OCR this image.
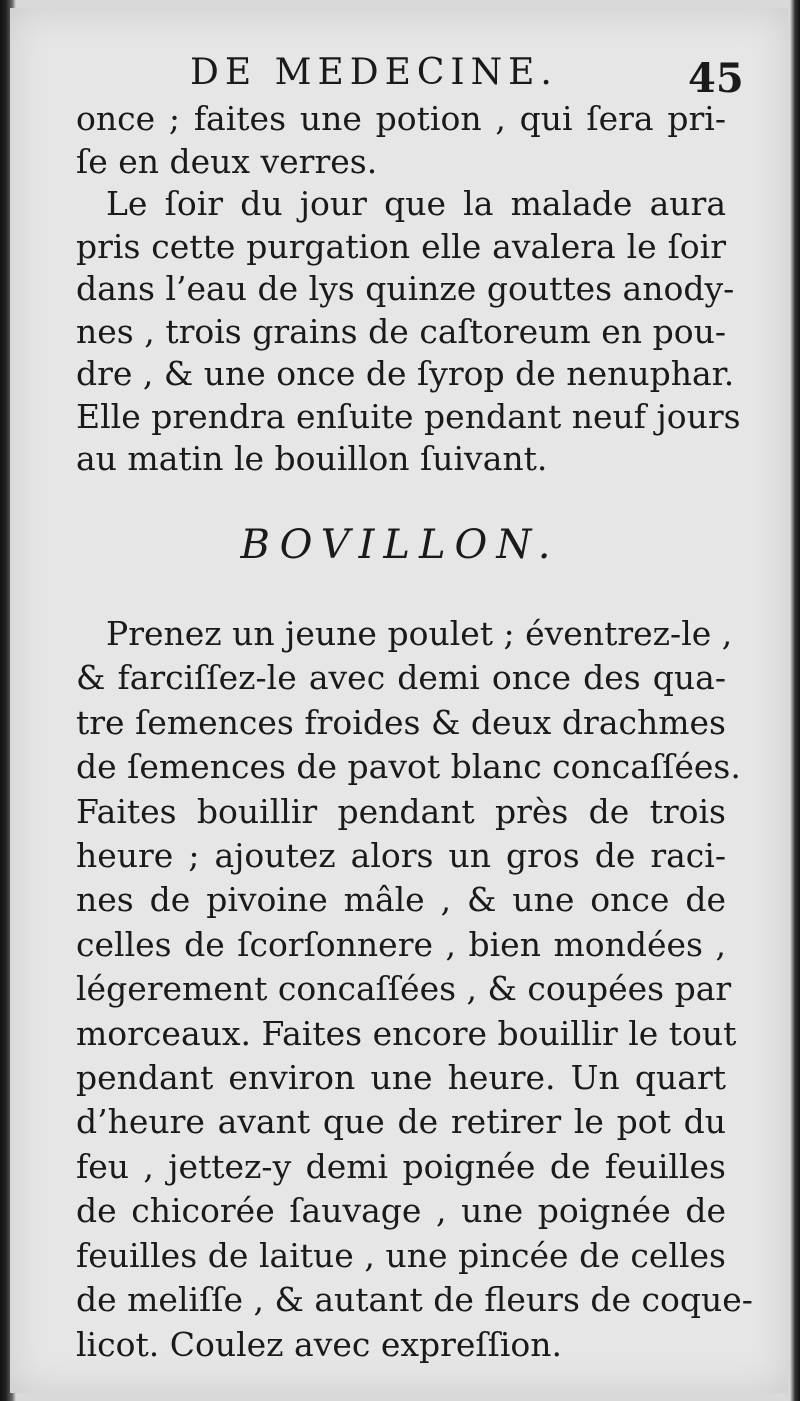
DE MEDECINE.	45
once ; faites une potion , qui ſera pri-
ſe en deux verres.
Le ſoir du jour que la malade aura
pris cette purgation elle avalera le ſoir
dans l’eau de lys quinze gouttes anody-
nes , trois grains de caſtoreum en pou-
dre , & une once de ſyrop de nenuphar.
Elle prendra enſuite pendant neuf jours
au matin le bouillon ſuivant.
BOVILLON.
Prenez un jeune poulet ; éventrez-le ,
& farciſſez-le avec demi once des qua-
tre ſemences froides & deux drachmes
de ſemences de pavot blanc concaſſées.
Faites bouillir pendant près de trois
heure ; ajoutez alors un gros de raci-
nes de pivoine mâle , & une once de
celles de ſcorſonnere , bien mondées ,
légerement concaſſées , & coupées par
morceaux. Faites encore bouillir le tout
pendant environ une heure. Un quart
d’heure avant que de retirer le pot du
feu , jettez-y demi poignée de feuilles
de chicorée ſauvage , une poignée de
feuilles de laitue , une pincée de celles
de meliſſe , & autant de fleurs de coque-
licot. Coulez avec expreſſion.
